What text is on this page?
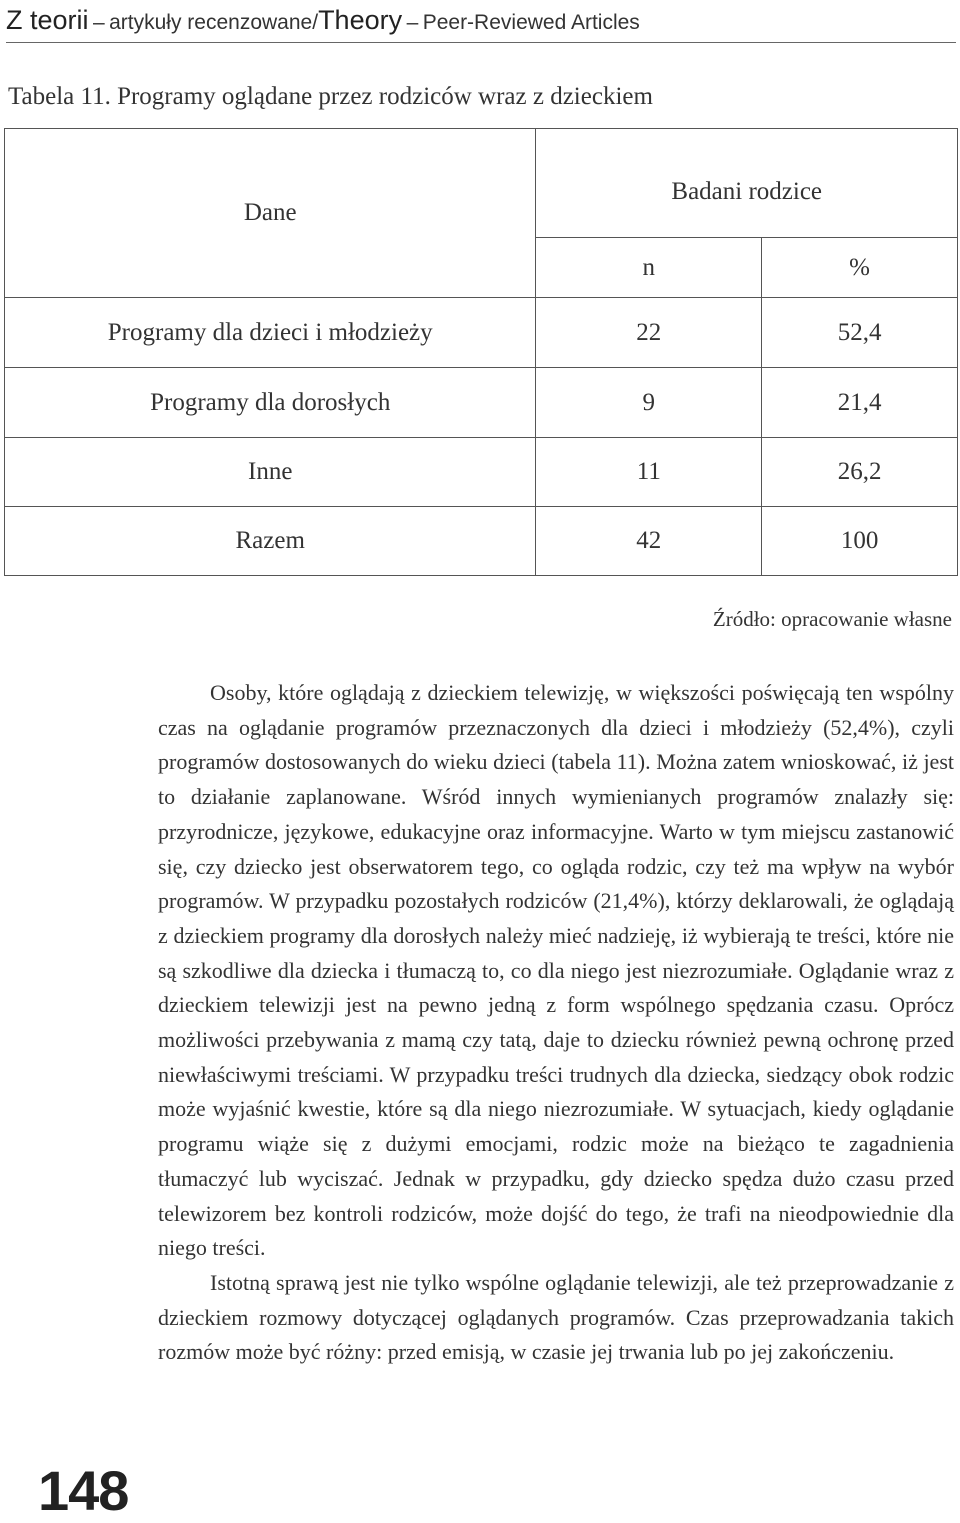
Z teorii – artykuły recenzowane/Theory – Peer-Reviewed Articles
Tabela 11. Programy oglądane przez rodziców wraz z dzieckiem
Dane	Badani rodzice	
	n	%
Programy dla dzieci i młodzieży	22	52,4
Programy dla dorosłych	9	21,4
Inne	11	26,2
Razem	42	100
Źródło: opracowanie własne

Osoby, które oglądają z dzieckiem telewizję, w większości poświęcają ten wspólny czas na oglądanie programów przeznaczonych dla dzieci i młodzieży (52,4%), czyli programów dostosowanych do wieku dzieci (tabela 11). Można zatem wnioskować, iż jest to działanie zaplanowane. Wśród innych wymienianych programów znalazły się: przyrodnicze, językowe, edukacyjne oraz informacyjne. Warto w tym miejscu zastanowić się, czy dziecko jest obserwatorem tego, co ogląda rodzic, czy też ma wpływ na wybór programów. W przypadku pozostałych rodziców (21,4%), którzy deklarowali, że oglądają z dzieckiem programy dla dorosłych należy mieć nadzieję, iż wybierają te treści, które nie są szkodliwe dla dziecka i tłumaczą to, co dla niego jest niezrozumiałe. Oglądanie wraz z dzieckiem telewizji jest na pewno jedną z form wspólnego spędzania czasu. Oprócz możliwości przebywania z mamą czy tatą, daje to dziecku również pewną ochronę przed niewłaściwymi treściami. W przypadku treści trudnych dla dziecka, siedzący obok rodzic może wyjaśnić kwestie, które są dla niego niezrozumiałe. W sytuacjach, kiedy oglądanie programu wiąże się z dużymi emocjami, rodzic może na bieżąco te zagadnienia tłumaczyć lub wyciszać. Jednak w przypadku, gdy dziecko spędza dużo czasu przed telewizorem bez kontroli rodziców, może dojść do tego, że trafi na nieodpowiednie dla niego treści.

Istotną sprawą jest nie tylko wspólne oglądanie telewizji, ale też przeprowadzanie z dzieckiem rozmowy dotyczącej oglądanych programów. Czas przeprowadzania takich rozmów może być różny: przed emisją, w czasie jej trwania lub po jej zakończeniu.

148
